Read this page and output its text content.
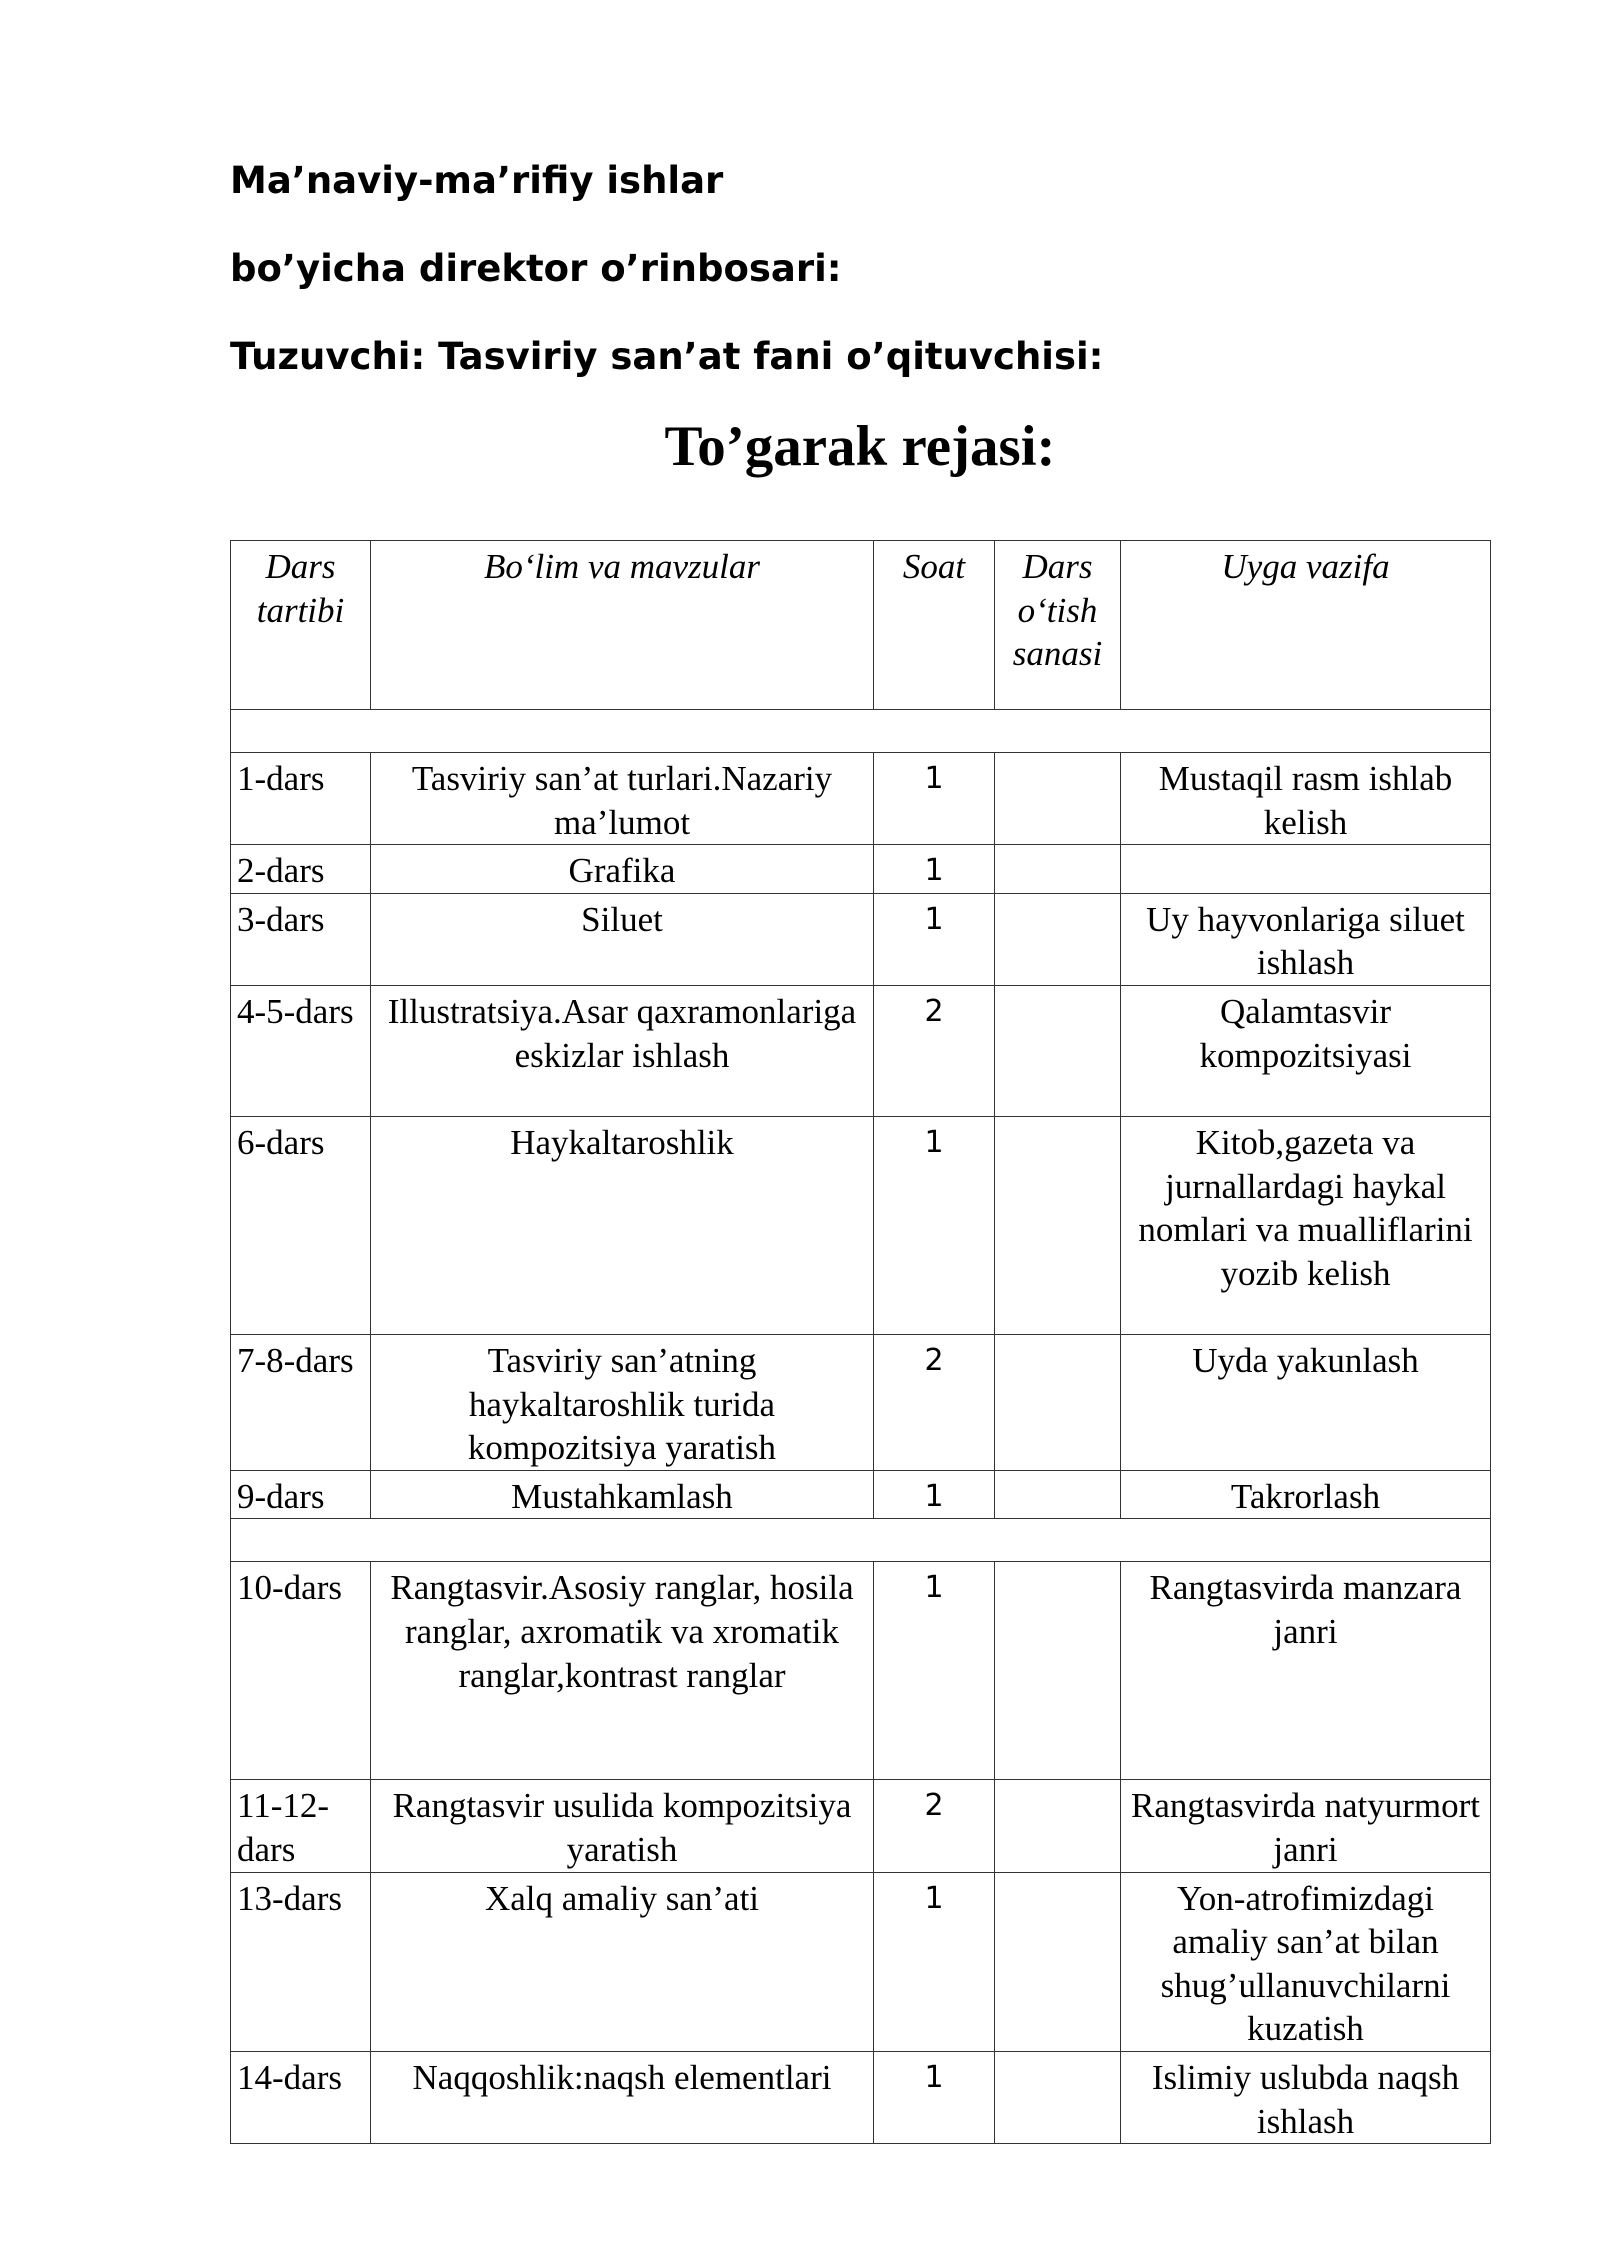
Ma’naviy-ma’rifiy ishlar
bo’yicha direktor o’rinbosari:
Tuzuvchi: Tasviriy san’at fani o’qituvchisi:
To’garak rejasi:
Dars tartibi	Bo‘lim va mavzular	Soat	Dars o‘tish sanasi	Uyga vazifa

1-dars	Tasviriy san’at turlari.Nazariy ma’lumot	1		Mustaqil rasm ishlab kelish
2-dars	Grafika	1		
3-dars	Siluet	1		Uy hayvonlariga siluet ishlash
4-5-dars	Illustratsiya.Asar qaxramonlariga eskizlar ishlash	2		Qalamtasvir kompozitsiyasi
6-dars	Haykaltaroshlik	1		Kitob,gazeta va jurnallardagi haykal nomlari va mualliflarini yozib kelish
7-8-dars	Tasviriy san’atning haykaltaroshlik turida kompozitsiya yaratish	2		Uyda yakunlash
9-dars	Mustahkamlash	1		Takrorlash

10-dars	Rangtasvir.Asosiy ranglar, hosila ranglar, axromatik va xromatik ranglar,kontrast ranglar	1		Rangtasvirda manzara janri
11-12-dars	Rangtasvir usulida kompozitsiya yaratish	2		Rangtasvirda natyurmort janri
13-dars	Xalq amaliy san’ati	1		Yon-atrofimizdagi amaliy san’at bilan shug’ullanuvchilarni kuzatish
14-dars	Naqqoshlik:naqsh elementlari	1		Islimiy uslubda naqsh ishlash
